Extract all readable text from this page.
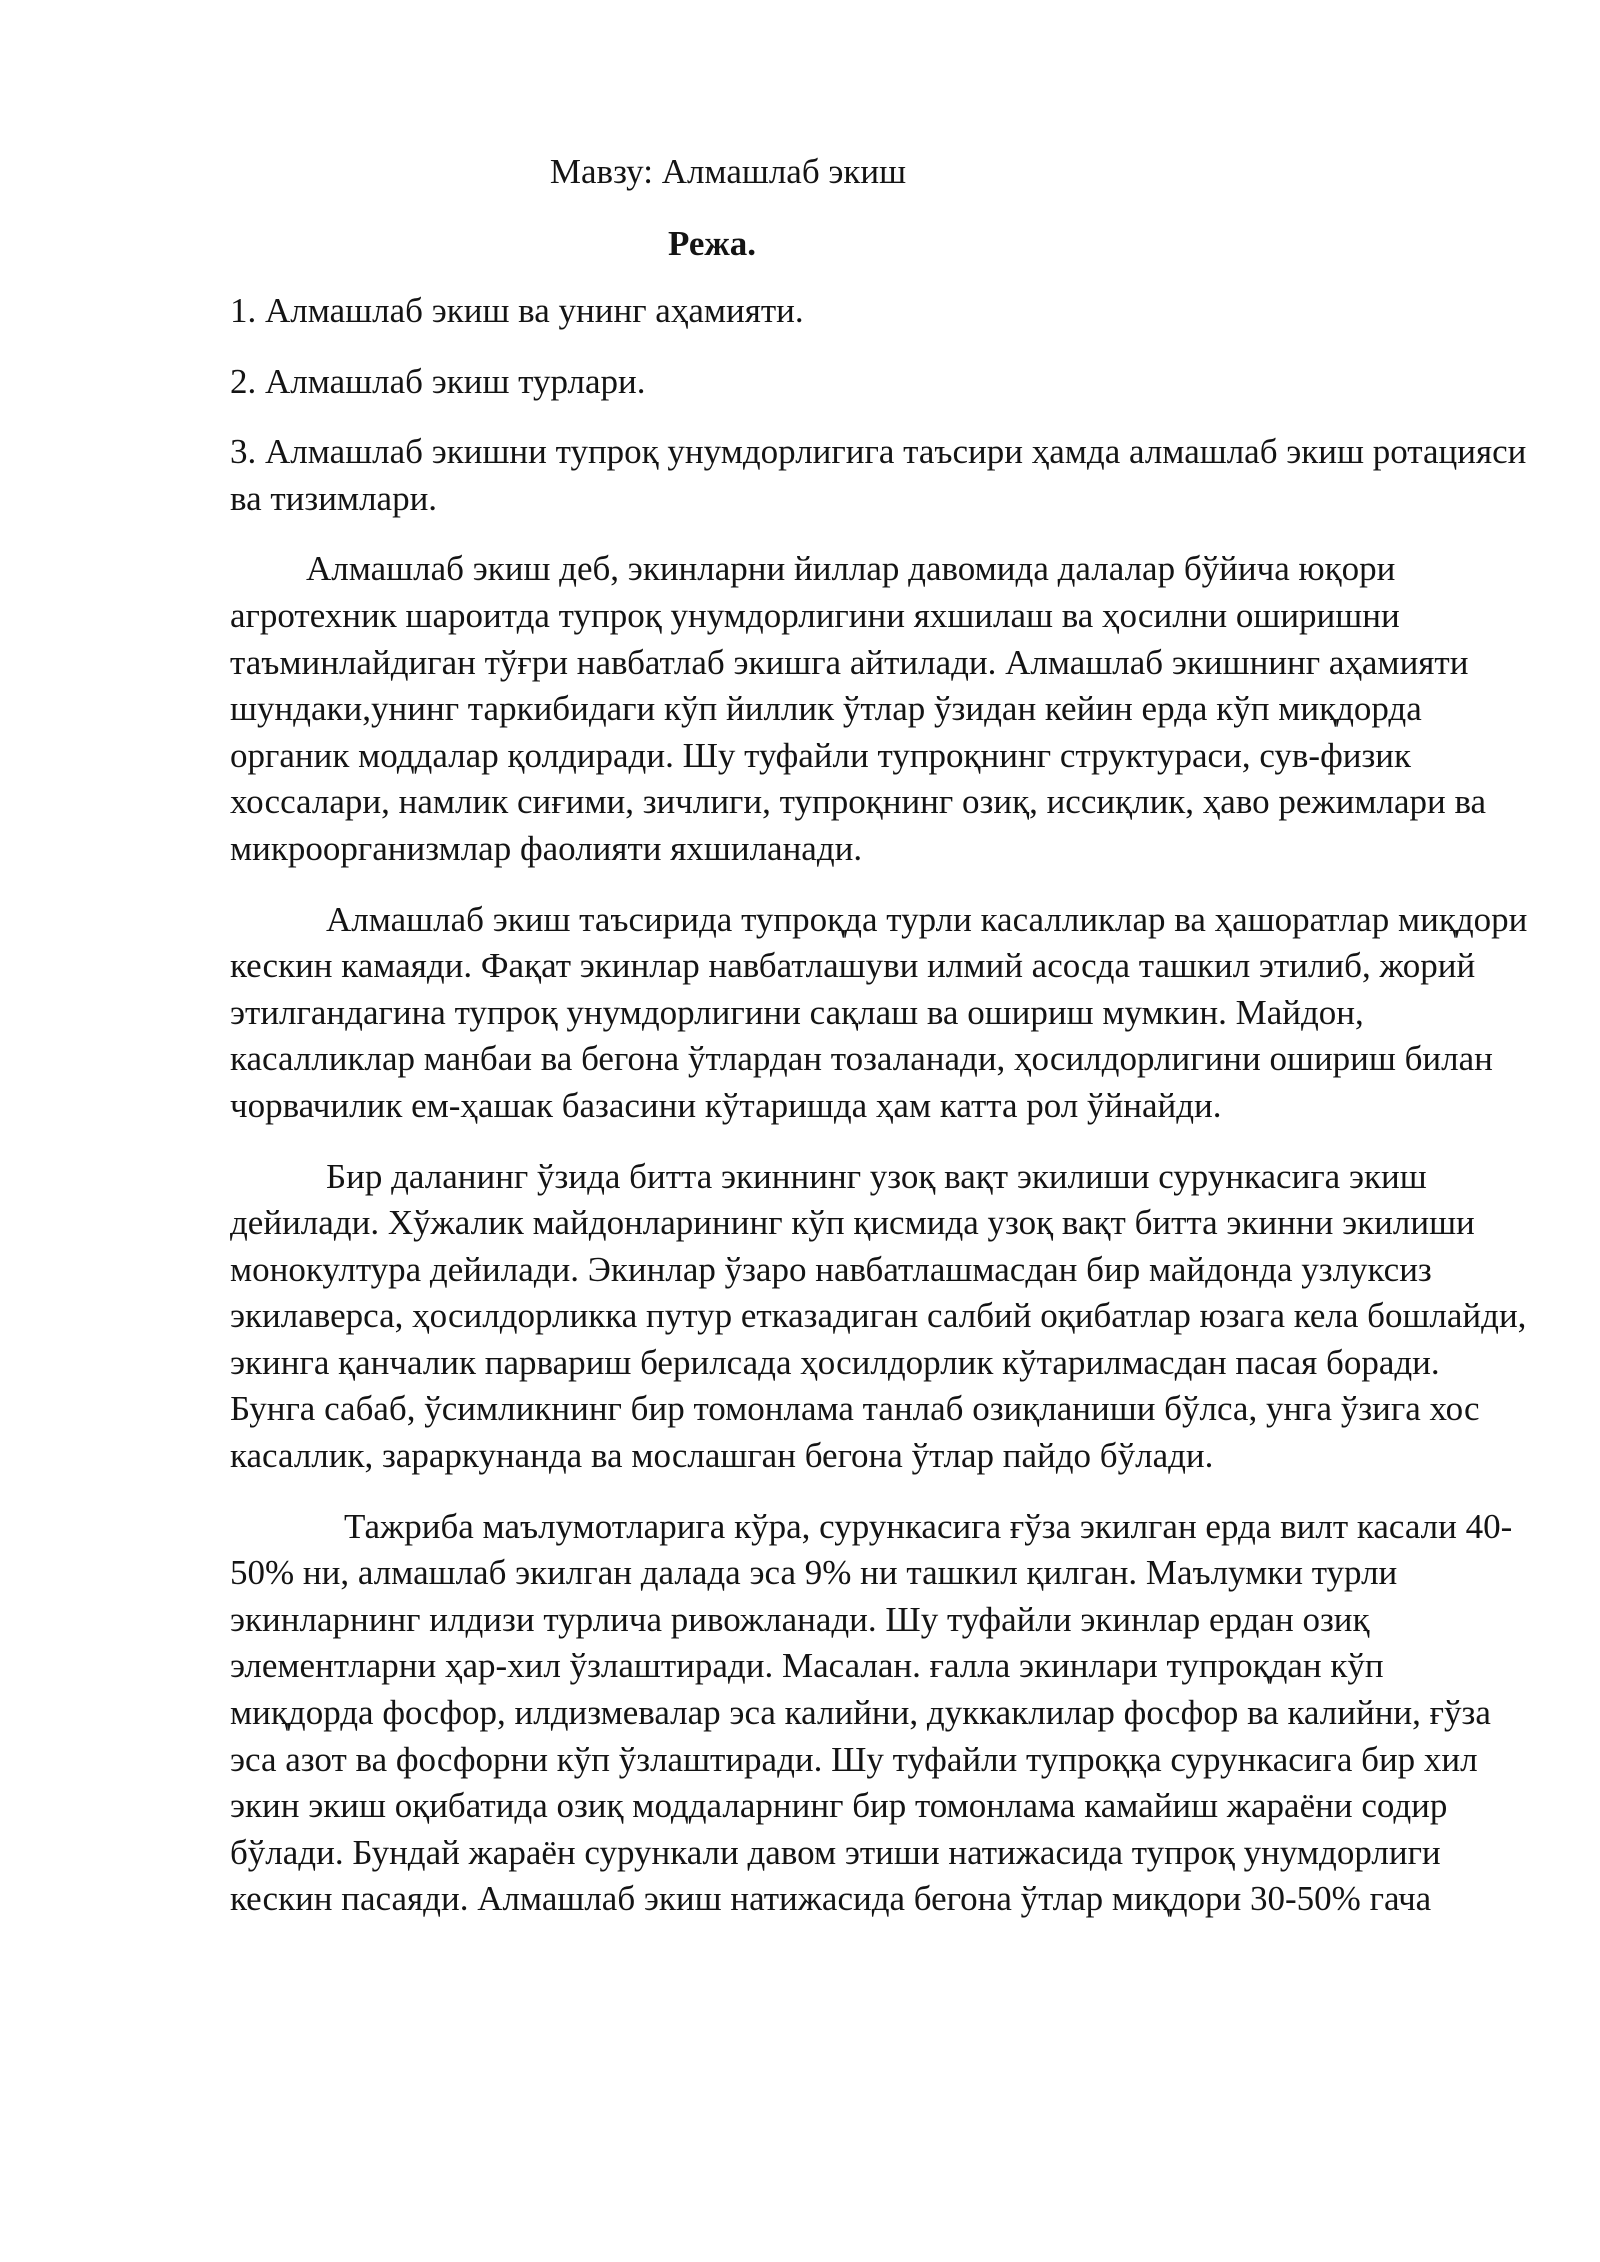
Мавзу: Алмашлаб экиш
Режа.
1. Алмашлаб экиш ва унинг аҳамияти.
2. Алмашлаб экиш турлари.
3. Алмашлаб экишни тупроқ унумдорлигига таъсири ҳамда алмашлаб экиш ротацияси ва тизимлари.

Алмашлаб экиш деб, экинларни йиллар давомида далалар бўйича юқори агротехник шароитда тупроқ унумдорлигини яхшилаш ва ҳосилни оширишни таъминлайдиган тўғри навбатлаб экишга айтилади. Алмашлаб экишнинг аҳамияти шундаки,унинг таркибидаги кўп йиллик ўтлар ўзидан кейин ерда кўп миқдорда органик моддалар қолдиради. Шу туфайли тупроқнинг структураси, сув-физик хоссалари, намлик сиғими, зичлиги, тупроқнинг озиқ, иссиқлик, ҳаво режимлари ва микроорганизмлар фаолияти яхшиланади.

Алмашлаб экиш таъсирида тупроқда турли касалликлар ва ҳашоратлар миқдори кескин камаяди. Фақат экинлар навбатлашуви илмий асосда ташкил этилиб, жорий этилгандагина тупроқ унумдорлигини сақлаш ва ошириш мумкин. Майдон, касалликлар манбаи ва бегона ўтлардан тозаланади, ҳосилдорлигини ошириш билан чорвачилик ем-ҳашак базасини кўтаришда ҳам катта рол ўйнайди.

Бир даланинг ўзида битта экиннинг узоқ вақт экилиши сурункасига экиш дейилади. Хўжалик майдонларининг кўп қисмида узоқ вақт битта экинни экилиши монокултура дейилади. Экинлар ўзаро навбатлашмасдан бир майдонда узлуксиз экилаверса, ҳосилдорликка путур етказадиган салбий оқибатлар юзага кела бошлайди, экинга қанчалик парвариш берилсада ҳосилдорлик кўтарилмасдан пасая боради. Бунга сабаб, ўсимликнинг бир томонлама танлаб озиқланиши бўлса, унга ўзига хос касаллик, зараркунанда ва мослашган бегона ўтлар пайдо бўлади.

Тажриба маълумотларига кўра, сурункасига ғўза экилган ерда вилт касали 40-50% ни, алмашлаб экилган далада эса 9% ни ташкил қилган. Маълумки турли экинларнинг илдизи турлича ривожланади. Шу туфайли экинлар ердан озиқ элементларни ҳар-хил ўзлаштиради. Масалан. ғалла экинлари тупроқдан кўп миқдорда фосфор, илдизмевалар эса калийни, дуккаклилар фосфор ва калийни, ғўза эса азот ва фосфорни кўп ўзлаштиради. Шу туфайли тупроққа сурункасига бир хил экин экиш оқибатида озиқ моддаларнинг бир томонлама камайиш жараёни содир бўлади. Бундай жараён сурункали давом этиши натижасида тупроқ унумдорлиги кескин пасаяди. Алмашлаб экиш натижасида бегона ўтлар миқдори 30-50% гача
